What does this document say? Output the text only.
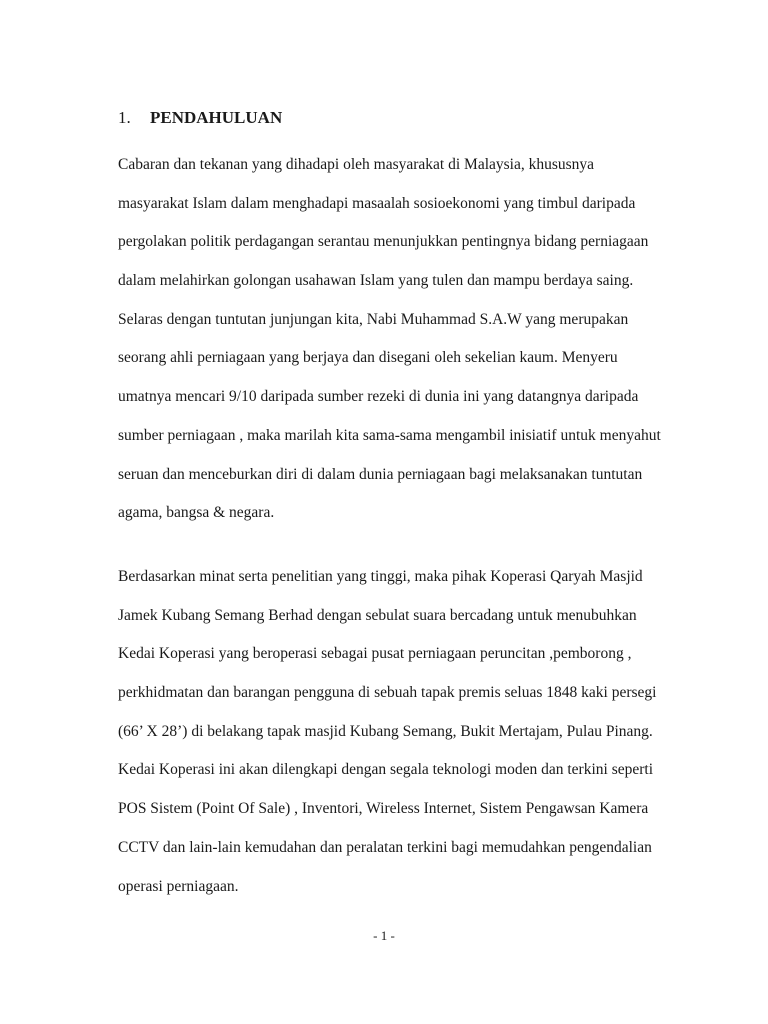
1. PENDAHULUAN

Cabaran dan tekanan yang dihadapi oleh masyarakat di Malaysia, khususnya
masyarakat Islam dalam menghadapi masaalah sosioekonomi yang timbul daripada
pergolakan politik perdagangan serantau menunjukkan pentingnya bidang perniagaan
dalam melahirkan golongan usahawan Islam yang tulen dan mampu berdaya saing.
Selaras dengan tuntutan junjungan kita, Nabi Muhammad S.A.W yang merupakan
seorang ahli perniagaan yang berjaya dan disegani oleh sekelian kaum. Menyeru
umatnya mencari 9/10 daripada sumber rezeki di dunia ini yang datangnya daripada
sumber perniagaan , maka marilah kita sama-sama mengambil inisiatif untuk menyahut
seruan dan menceburkan diri di dalam dunia perniagaan bagi melaksanakan tuntutan
agama, bangsa & negara.

Berdasarkan minat serta penelitian yang tinggi, maka pihak Koperasi Qaryah Masjid
Jamek Kubang Semang Berhad dengan sebulat suara bercadang untuk menubuhkan
Kedai Koperasi yang beroperasi sebagai pusat perniagaan peruncitan ,pemborong ,
perkhidmatan dan barangan pengguna di sebuah tapak premis seluas 1848 kaki persegi
(66’ X 28’) di belakang tapak masjid Kubang Semang, Bukit Mertajam, Pulau Pinang.
Kedai Koperasi ini akan dilengkapi dengan segala teknologi moden dan terkini seperti
POS Sistem (Point Of Sale) , Inventori, Wireless Internet, Sistem Pengawsan Kamera
CCTV dan lain-lain kemudahan dan peralatan terkini bagi memudahkan pengendalian
operasi perniagaan.

- 1 -
